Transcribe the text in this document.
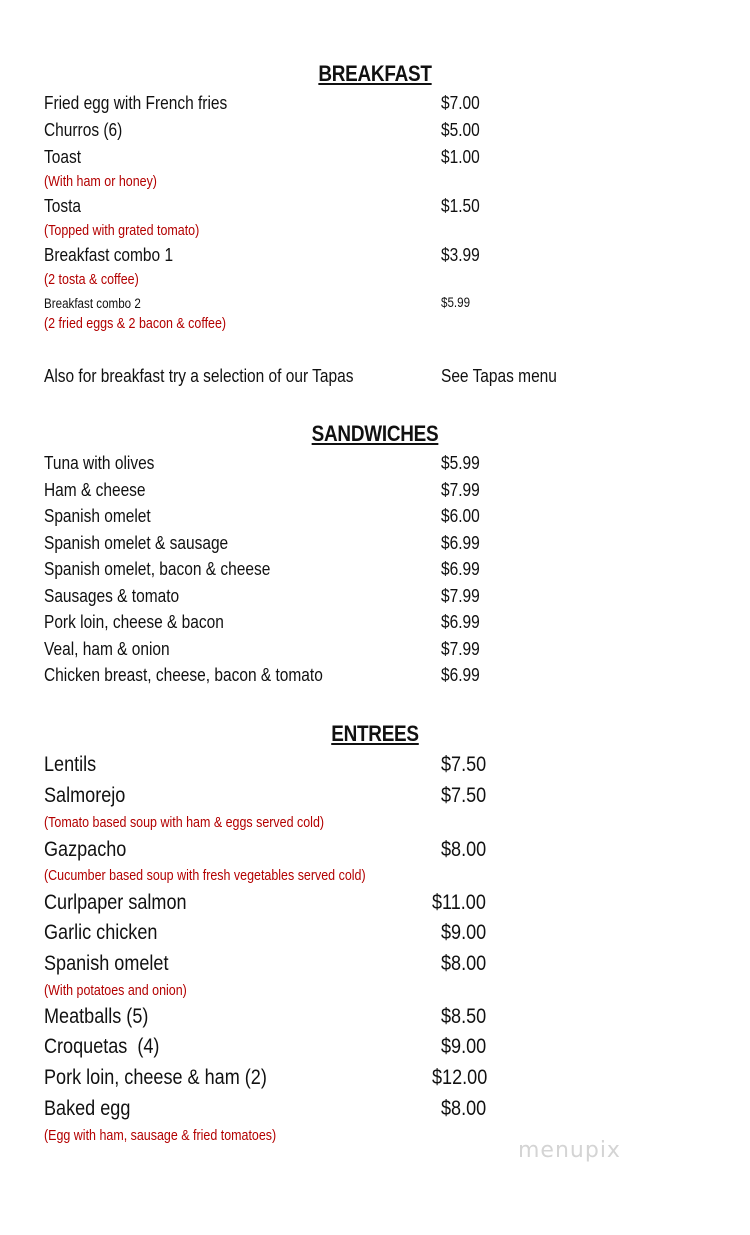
BREAKFAST
Fried egg with French fries	$7.00
Churros (6)	$5.00
Toast	$1.00
(With ham or honey)
Tosta	$1.50
(Topped with grated tomato)
Breakfast combo 1	$3.99
(2 tosta & coffee)
Breakfast combo 2	$5.99
(2 fried eggs & 2 bacon & coffee)
Also for breakfast try a selection of our Tapas	See Tapas menu
SANDWICHES
Tuna with olives	$5.99
Ham & cheese	$7.99
Spanish omelet	$6.00
Spanish omelet & sausage	$6.99
Spanish omelet, bacon & cheese	$6.99
Sausages & tomato	$7.99
Pork loin, cheese & bacon	$6.99
Veal, ham & onion	$7.99
Chicken breast, cheese, bacon & tomato	$6.99
ENTREES
Lentils	$7.50
Salmorejo	$7.50
(Tomato based soup with ham & eggs served cold)
Gazpacho	$8.00
(Cucumber based soup with fresh vegetables served cold)
Curlpaper salmon	$11.00
Garlic chicken	$9.00
Spanish omelet	$8.00
(With potatoes and onion)
Meatballs (5)	$8.50
Croquetas  (4)	$9.00
Pork loin, cheese & ham (2)	$12.00
Baked egg	$8.00
(Egg with ham, sausage & fried tomatoes)
menupix
